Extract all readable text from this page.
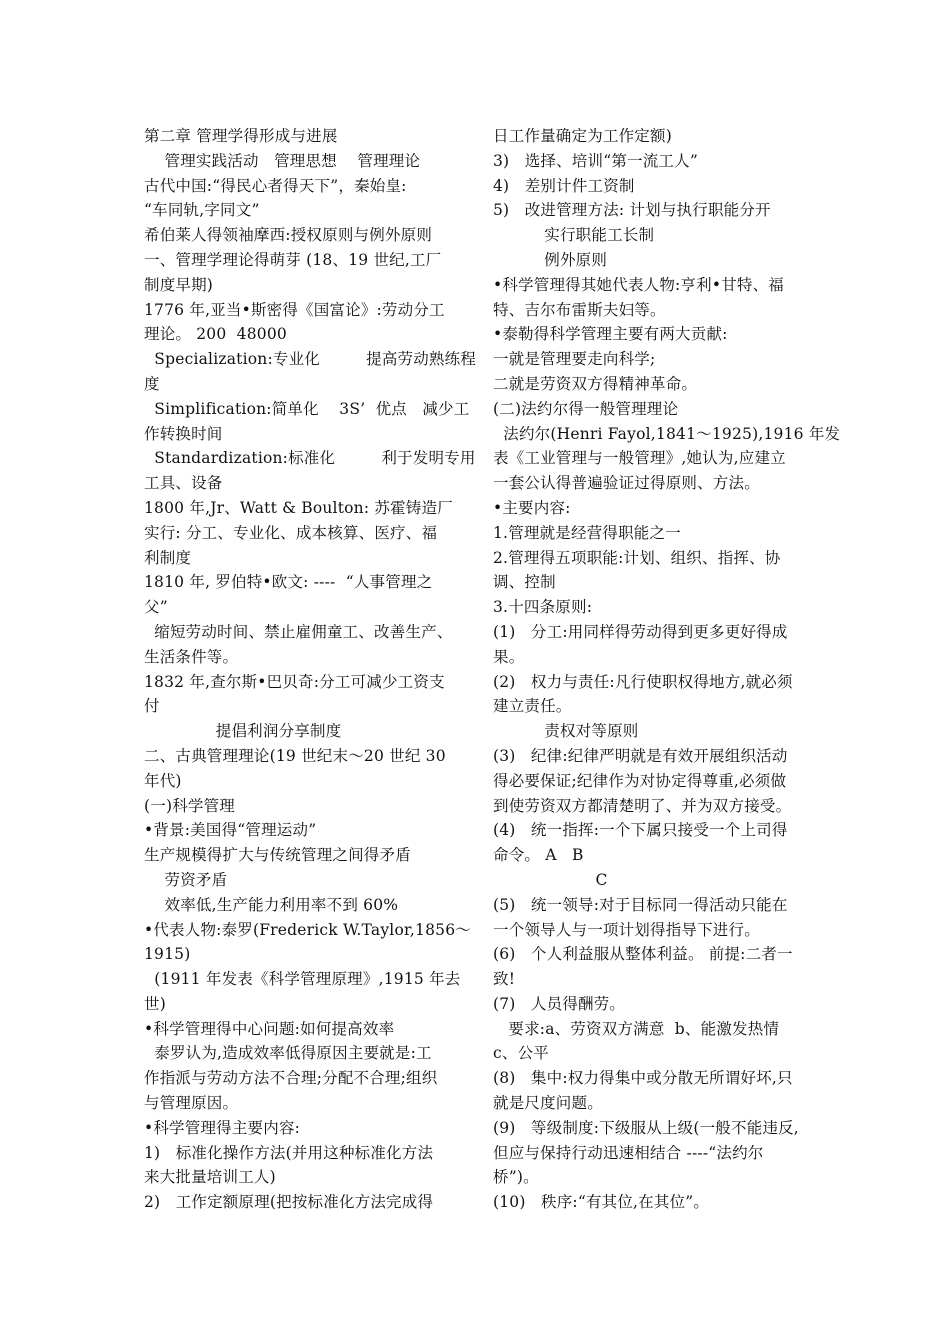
第二章 管理学得形成与进展
管理实践活动   管理思想    管理理论
古代中国:“得民心者得天下”，秦始皇:
“车同轨,字同文”
希伯莱人得领袖摩西:授权原则与例外原则
一、管理学理论得萌芽 (18、19 世纪,工厂
制度早期)
1776 年,亚当•斯密得《国富论》:劳动分工
理论。 200  48000
Specialization:专业化         提高劳动熟练程
度
Simplification:简单化    3S’  优点   减少工
作转换时间
Standardization:标准化         利于发明专用
工具、设备
1800 年,Jr、Watt & Boulton: 苏霍铸造厂
实行: 分工、专业化、成本核算、医疗、福
利制度
1810 年, 罗伯特•欧文: ----  “人事管理之
父”
缩短劳动时间、禁止雇佣童工、改善生产、
生活条件等。
1832 年,查尔斯•巴贝奇:分工可减少工资支
付
提倡利润分享制度
二、古典管理理论(19 世纪末～20 世纪 30
年代)
(一)科学管理
•背景:美国得“管理运动”
生产规模得扩大与传统管理之间得矛盾
劳资矛盾
效率低,生产能力利用率不到 60%
•代表人物:泰罗(Frederick W.Taylor,1856～
1915)
(1911 年发表《科学管理原理》,1915 年去
世)
•科学管理得中心问题:如何提高效率
泰罗认为,造成效率低得原因主要就是:工
作指派与劳动方法不合理;分配不合理;组织
与管理原因。
•科学管理得主要内容:
1)   标准化操作方法(并用这种标准化方法
来大批量培训工人)
2)   工作定额原理(把按标准化方法完成得
日工作量确定为工作定额)
3)   选择、培训“第一流工人”
4)   差别计件工资制
5)   改进管理方法: 计划与执行职能分开
实行职能工长制
例外原则
•科学管理得其她代表人物:亨利•甘特、福
特、吉尔布雷斯夫妇等。
•泰勒得科学管理主要有两大贡献:
一就是管理要走向科学;
二就是劳资双方得精神革命。
(二)法约尔得一般管理理论
法约尔(Henri Fayol,1841～1925),1916 年发
表《工业管理与一般管理》,她认为,应建立
一套公认得普遍验证过得原则、方法。
•主要内容:
1.管理就是经营得职能之一
2.管理得五项职能:计划、组织、指挥、协
调、控制
3.十四条原则:
(1)   分工:用同样得劳动得到更多更好得成
果。
(2)   权力与责任:凡行使职权得地方,就必须
建立责任。
责权对等原则
(3)   纪律:纪律严明就是有效开展组织活动
得必要保证;纪律作为对协定得尊重,必须做
到使劳资双方都清楚明了、并为双方接受。
(4)   统一指挥:一个下属只接受一个上司得
命令。 A   B
C
(5)   统一领导:对于目标同一得活动只能在
一个领导人与一项计划得指导下进行。
(6)   个人利益服从整体利益。 前提:二者一
致!
(7)   人员得酬劳。
要求:a、劳资双方满意  b、能激发热情
c、公平
(8)   集中:权力得集中或分散无所谓好坏,只
就是尺度问题。
(9)   等级制度:下级服从上级(一般不能违反,
但应与保持行动迅速相结合 ----“法约尔
桥”)。
(10)   秩序:“有其位,在其位”。
